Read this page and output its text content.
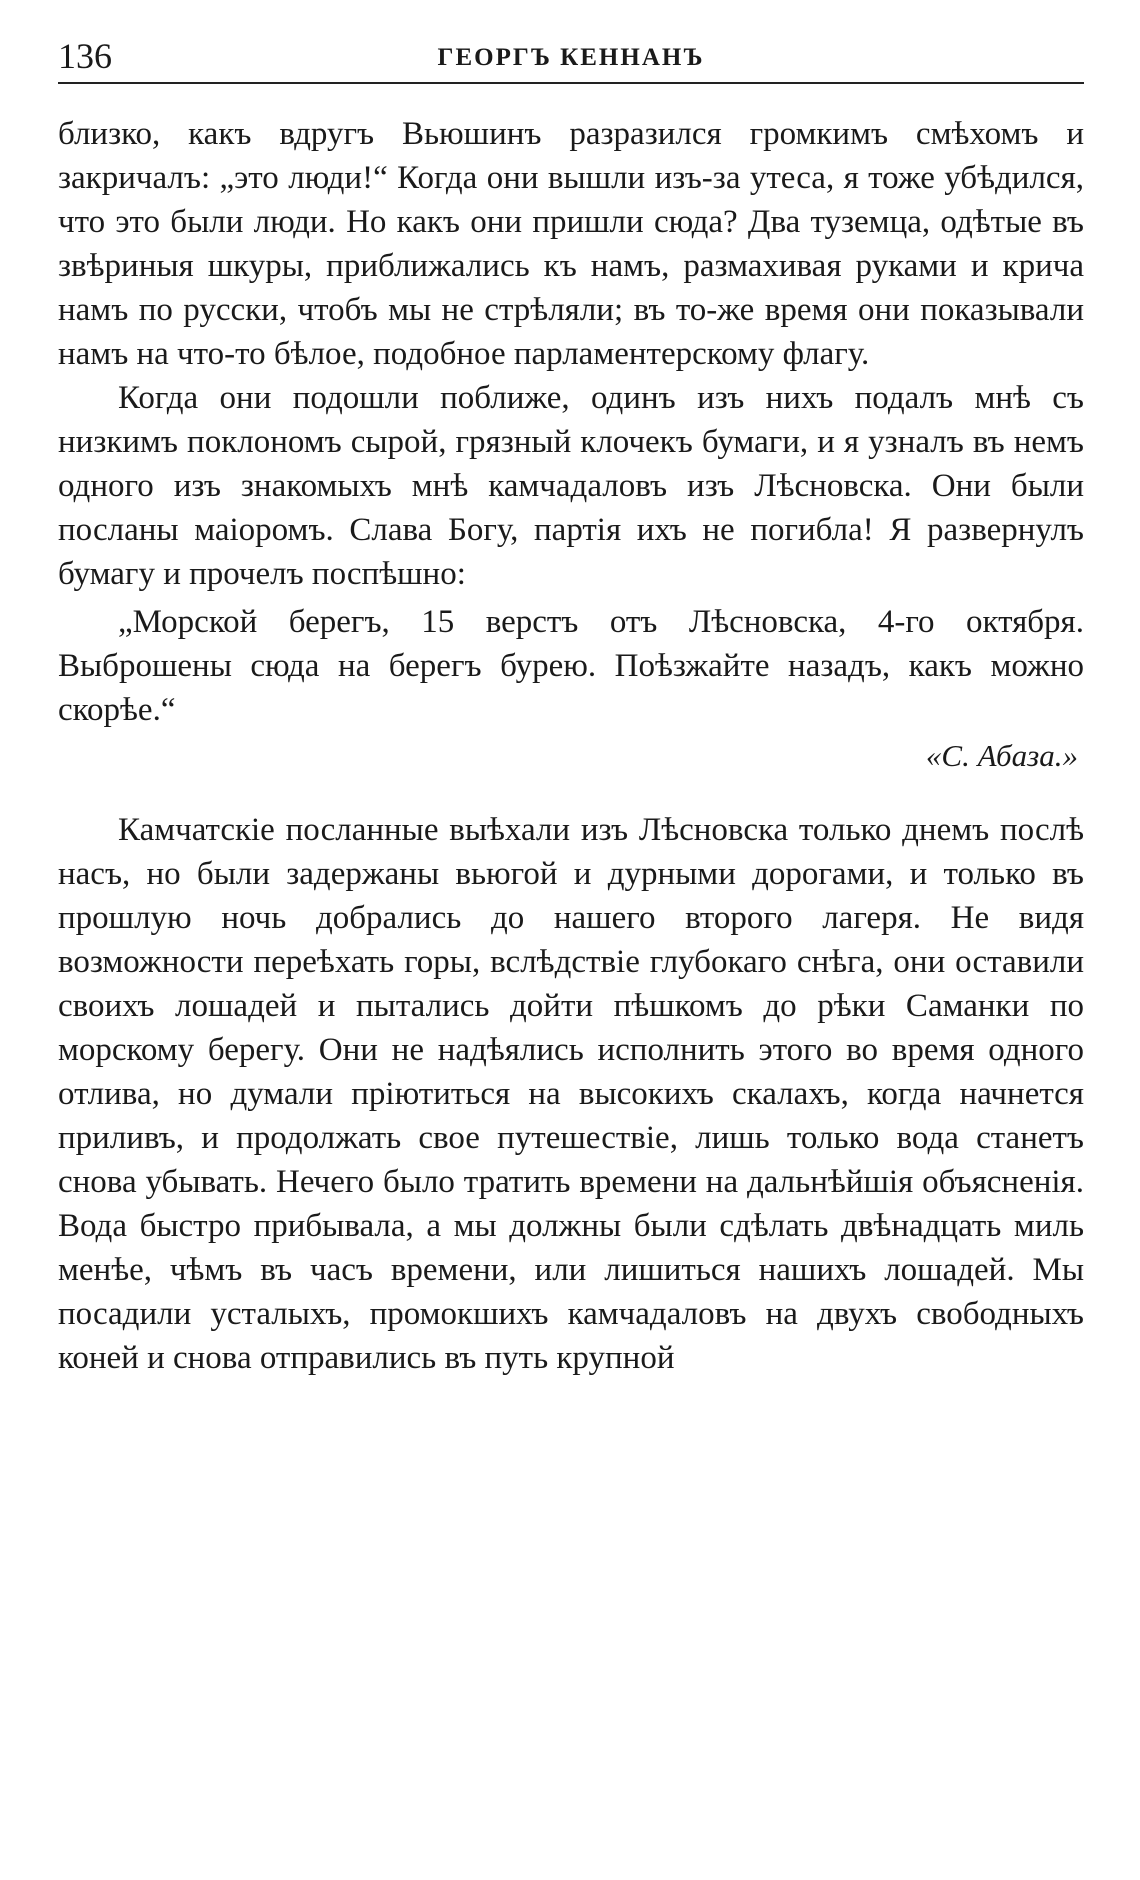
136	ГЕОРГЪ КЕННАНЪ

близко, какъ вдругъ Вьюшинъ разразился громкимъ смѣхомъ и закричалъ: „это люди!“ Когда они вышли изъ-за утеса, я тоже убѣдился, что это были люди. Но какъ они пришли сюда? Два туземца, одѣтые въ звѣриныя шкуры, приближались къ намъ, размахивая руками и крича намъ по русски, чтобъ мы не стрѣляли; въ то-же время они показывали намъ на что-то бѣлое, подобное парламентерскому флагу.

Когда они подошли поближе, одинъ изъ нихъ подалъ мнѣ съ низкимъ поклономъ сырой, грязный клочекъ бумаги, и я узналъ въ немъ одного изъ знакомыхъ мнѣ камчадаловъ изъ Лѣсновска. Они были посланы маіоромъ. Слава Богу, партія ихъ не погибла! Я развернулъ бумагу и прочелъ поспѣшно:

„Морской берегъ, 15 верстъ отъ Лѣсновска, 4-го октября. Выброшены сюда на берегъ бурею. Поѣзжайте назадъ, какъ можно скорѣе.“

«С. Абаза.»

Камчатскіе посланные выѣхали изъ Лѣсновска только днемъ послѣ насъ, но были задержаны вьюгой и дурными дорогами, и только въ прошлую ночь добрались до нашего второго лагеря. Не видя возможности переѣхать горы, вслѣдствіе глубокаго снѣга, они оставили своихъ лошадей и пытались дойти пѣшкомъ до рѣки Саманки по морскому берегу. Они не надѣялись исполнить этого во время одного отлива, но думали пріютиться на высокихъ скалахъ, когда начнется приливъ, и продолжать свое путешествіе, лишь только вода станетъ снова убывать. Нечего было тратить времени на дальнѣйшія объясненія. Вода быстро прибывала, а мы должны были сдѣлать двѣнадцать миль менѣе, чѣмъ въ часъ времени, или лишиться нашихъ лошадей. Мы посадили усталыхъ, промокшихъ камчадаловъ на двухъ свободныхъ коней и снова отправились въ путь крупной
